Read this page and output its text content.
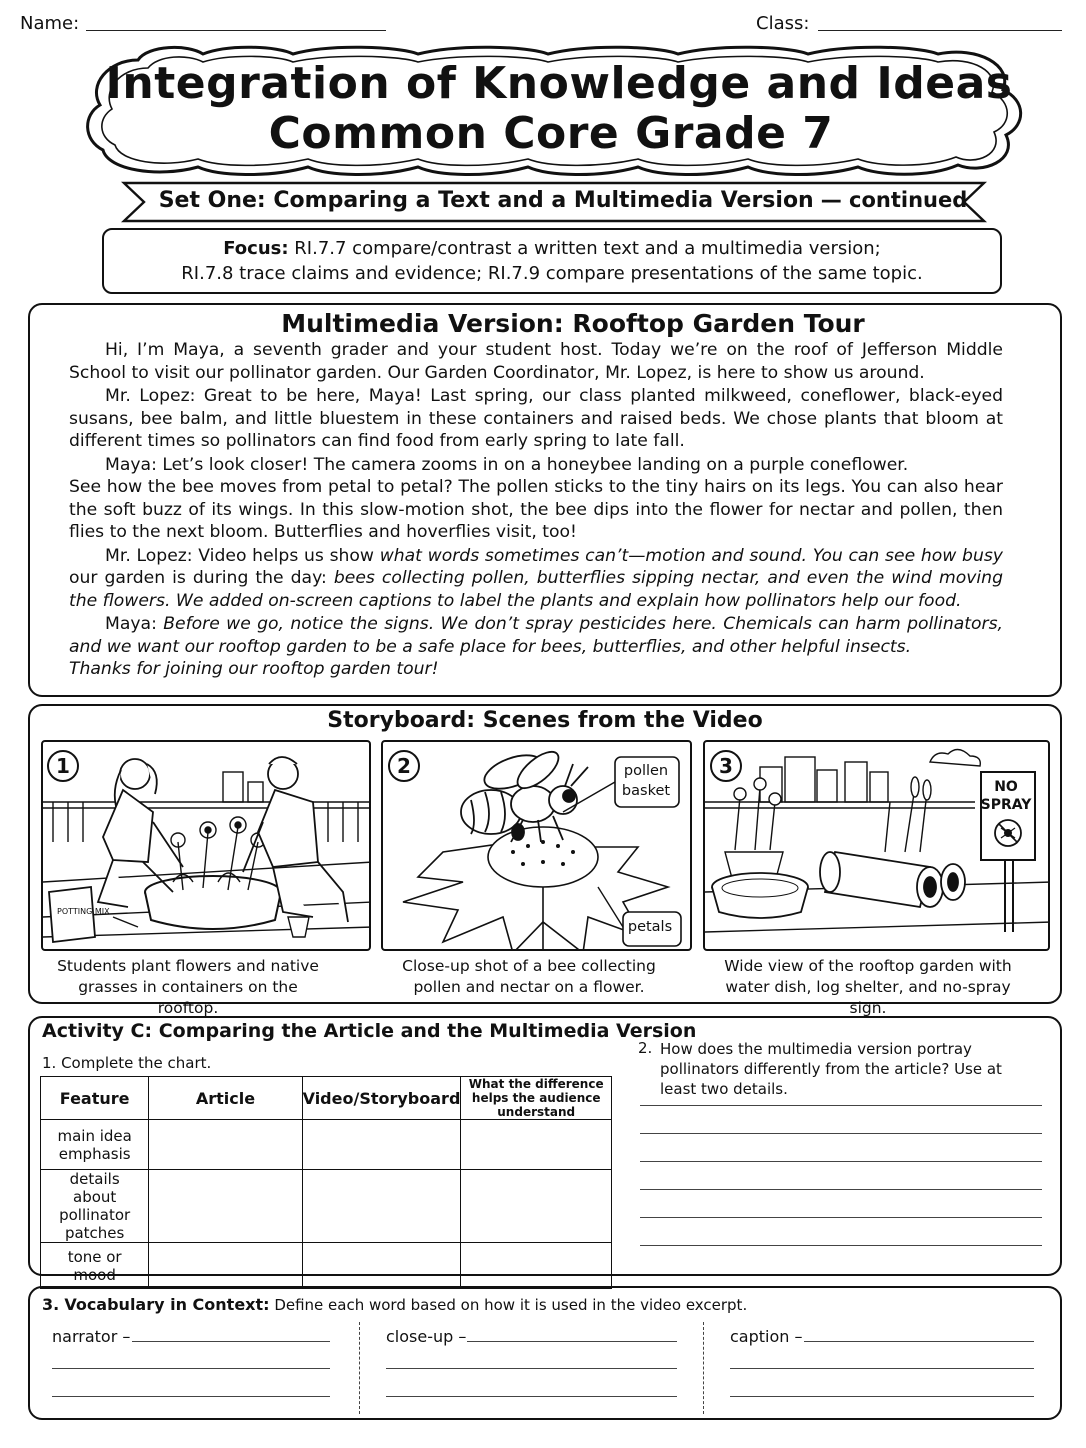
Name:	Class:
Integration of Knowledge and Ideas
Common Core Grade 7
Set One: Comparing a Text and a Multimedia Version — continued
Focus: RI.7.7 compare/contrast a written text and a multimedia version;
RI.7.8 trace claims and evidence; RI.7.9 compare presentations of the same topic.
Multimedia Version: Rooftop Garden Tour

Hi, I’m Maya, a seventh grader and your student host. Today we’re on the roof of Jefferson Middle School to visit our pollinator garden. Our Garden Coordinator, Mr. Lopez, is here to show us around.

Mr. Lopez: Great to be here, Maya! Last spring, our class planted milkweed, coneflower, black-eyed susans, bee balm, and little bluestem in these containers and raised beds. We chose plants that bloom at different times so pollinators can find food from early spring to late fall.

Maya: Let’s look closer! The camera zooms in on a honeybee landing on a purple coneflower.

See how the bee moves from petal to petal? The pollen sticks to the tiny hairs on its legs. You can also hear the soft buzz of its wings. In this slow-motion shot, the bee dips into the flower for nectar and pollen, then flies to the next bloom. Butterflies and hoverflies visit, too!

Mr. Lopez: Video helps us show what words sometimes can’t—motion and sound. You can see how busy our garden is during the day: bees collecting pollen, butterflies sipping nectar, and even the wind moving the flowers. We added on-screen captions to label the plants and explain how pollinators help our food.

Maya: Before we go, notice the signs. We don’t spray pesticides here. Chemicals can harm pollinators, and we want our rooftop garden to be a safe place for bees, butterflies, and other helpful insects.

Thanks for joining our rooftop garden tour!

Storyboard: Scenes from the Video
POTTING MIX
1
Students plant flowers and native grasses in containers on the rooftop.
2	pollen basket
petals
Close-up shot of a bee collecting pollen and nectar on a flower.
3
NO SPRAY
Wide view of the rooftop garden with water dish, log shelter, and no-spray sign.
Activity C: Comparing the Article and the Multimedia Version
1. Complete the chart.
Feature	Article	Video/Storyboard	What the difference helps the audience understand
main idea emphasis			
details about pollinator patches			
tone or mood			
2. How does the multimedia version portray pollinators differently from the article? Use at least two details.
3. Vocabulary in Context: Define each word based on how it is used in the video excerpt.
narrator –	close-up –	caption –
